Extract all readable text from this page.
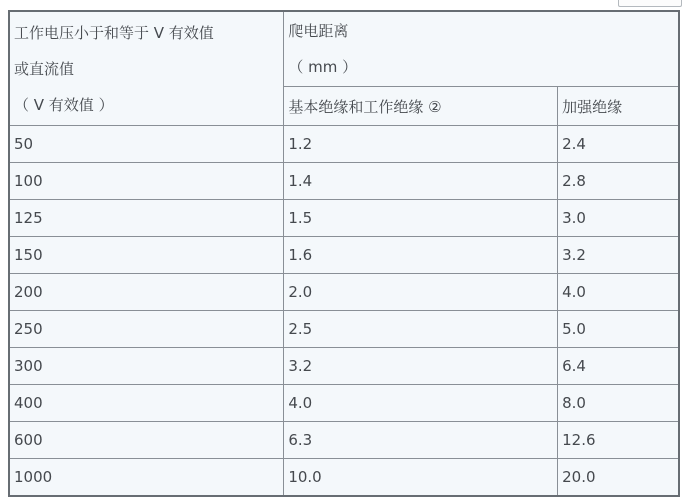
工作电压小于和等于 V 有效值
或直流值
（ V 有效值 ）

爬电距离
（ mm ）

	基本绝缘和工作绝缘 ②	加强绝缘
50	1.2	2.4
100	1.4	2.8
125	1.5	3.0
150	1.6	3.2
200	2.0	4.0
250	2.5	5.0
300	3.2	6.4
400	4.0	8.0
600	6.3	12.6
1000	10.0	20.0
